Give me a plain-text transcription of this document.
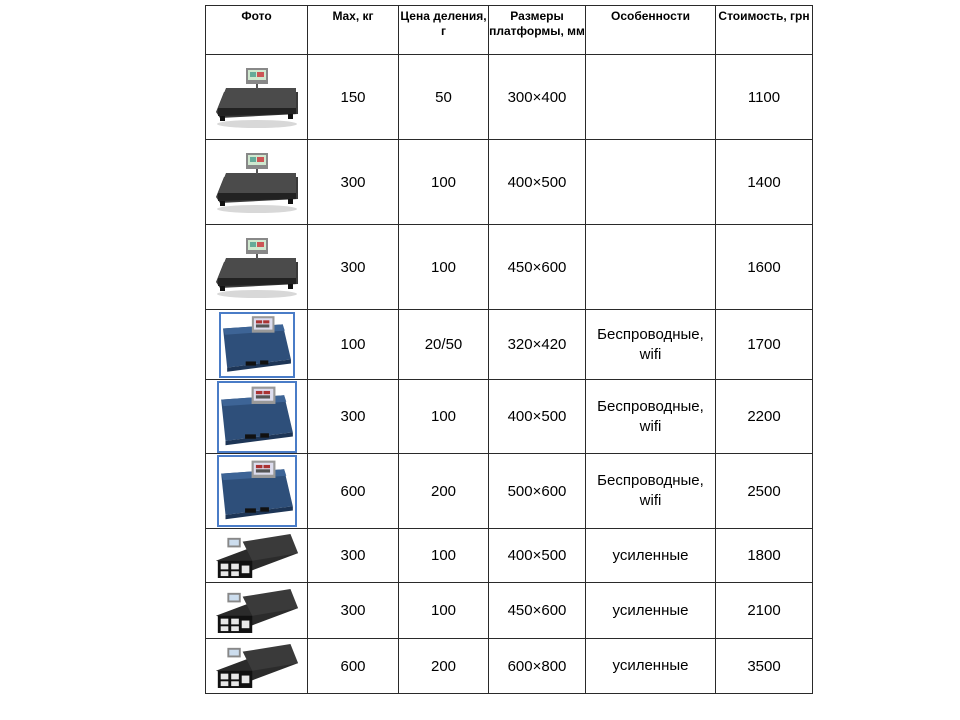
Фото	Max, кг	Цена деления, г	Размеры платформы, мм	Особенности	Стоимость, грн

	150	50	300×400		1100

	300	100	400×500		1400

	300	100	450×600		1600

	100	20/50	320×420	Беспроводные, wifi	1700

	300	100	400×500	Беспроводные, wifi	2200

	600	200	500×600	Беспроводные, wifi	2500

	300	100	400×500	усиленные	1800

	300	100	450×600	усиленные	2100

	600	200	600×800	усиленные	3500
